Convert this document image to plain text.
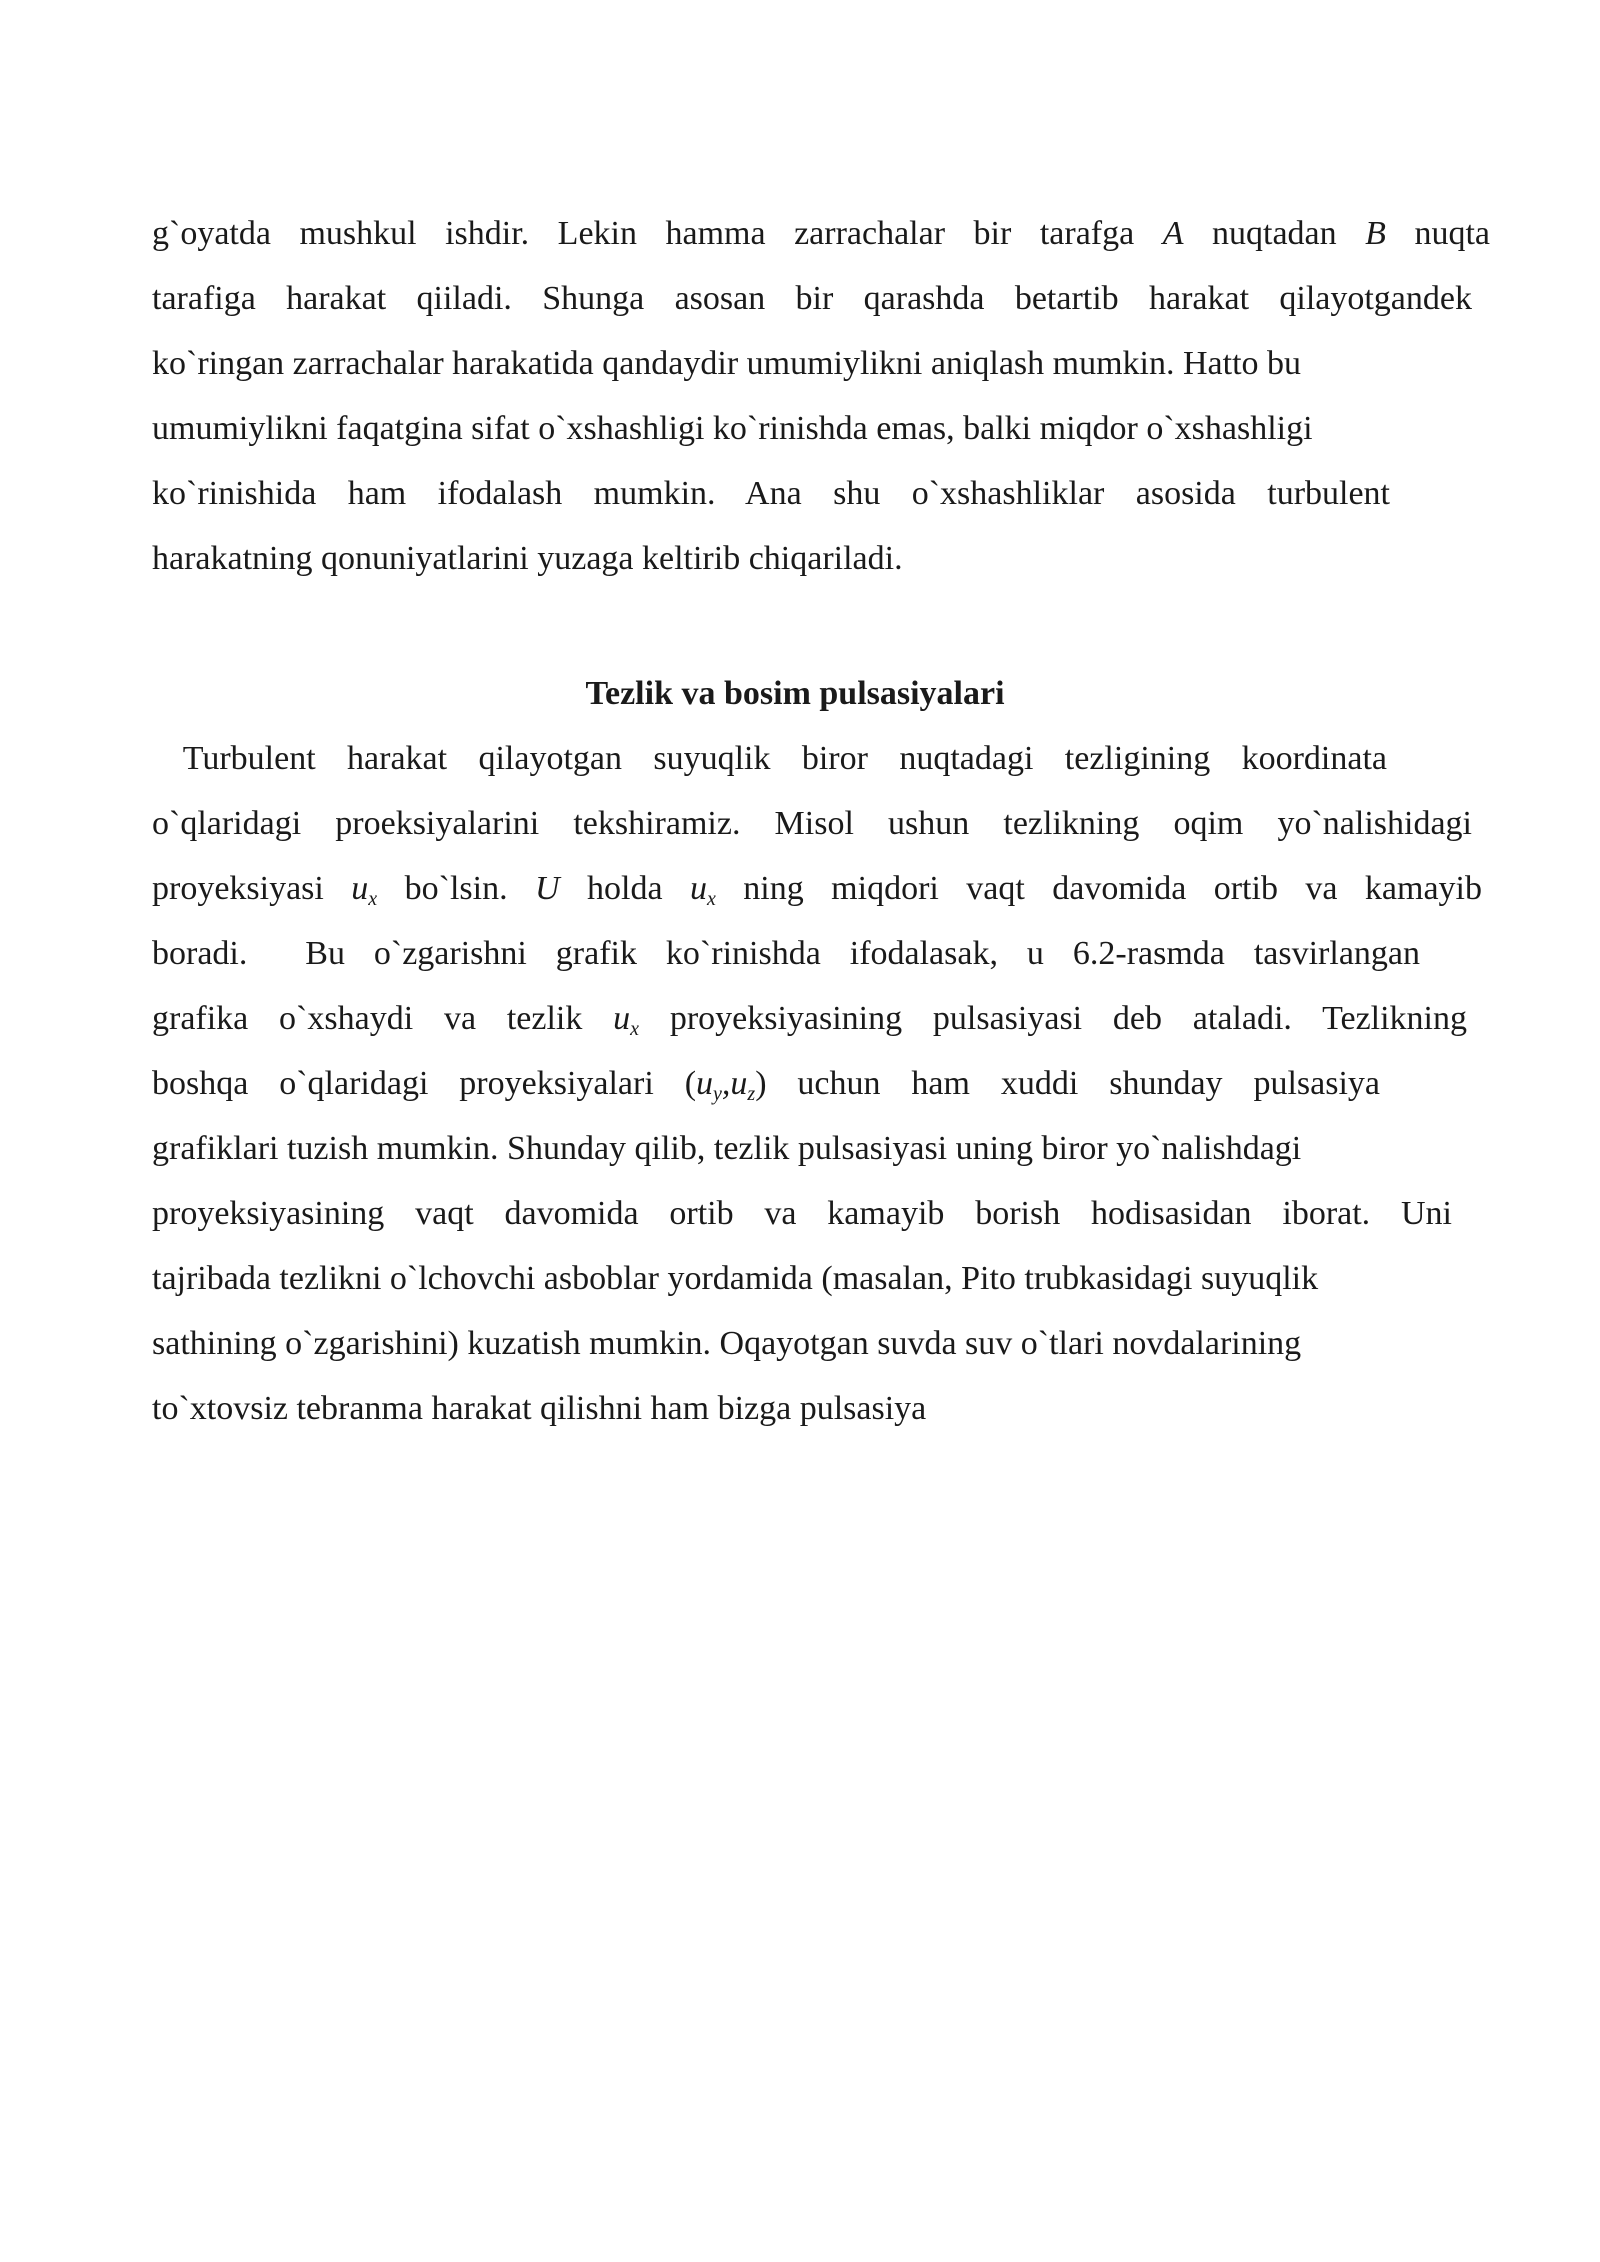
g`oyatda mushkul ishdir. Lekin hamma zarrachalar bir tarafga A nuqtadan B nuqta
tarafiga harakat qiiladi. Shunga asosan bir qarashda betartib harakat qilayotgandek
ko`ringan zarrachalar harakatida qandaydir umumiylikni aniqlash mumkin. Hatto bu
umumiylikni faqatgina sifat o`xshashligi ko`rinishda emas, balki miqdor o`xshashligi
ko`rinishida ham ifodalash mumkin. Ana shu o`xshashliklar asosida turbulent
harakatning qonuniyatlarini yuzaga keltirib chiqariladi.
Tezlik va bosim pulsasiyalari
Turbulent harakat qilayotgan suyuqlik biror nuqtadagi tezligining koordinata
o`qlaridagi proeksiyalarini tekshiramiz. Misol ushun tezlikning oqim yo`nalishidagi
proyeksiyasi $u_x$ bo`lsin. U holda $u_x$ ning miqdori vaqt davomida ortib va kamayib
boradi.  Bu o`zgarishni grafik ko`rinishda ifodalasak, u 6.2-rasmda tasvirlangan
grafika o`xshaydi va tezlik $u_x$ proyeksiyasining pulsasiyasi deb ataladi. Tezlikning
boshqa o`qlaridagi proyeksiyalari $(u_y,u_z)$ uchun ham xuddi shunday pulsasiya
grafiklari tuzish mumkin. Shunday qilib, tezlik pulsasiyasi uning biror yo`nalishdagi
proyeksiyasining vaqt davomida ortib va kamayib borish hodisasidan iborat. Uni
tajribada tezlikni o`lchovchi asboblar yordamida (masalan, Pito trubkasidagi suyuqlik
sathining o`zgarishini) kuzatish mumkin. Oqayotgan suvda suv o`tlari novdalarining
to`xtovsiz tebranma harakat qilishni ham bizga pulsasiya
